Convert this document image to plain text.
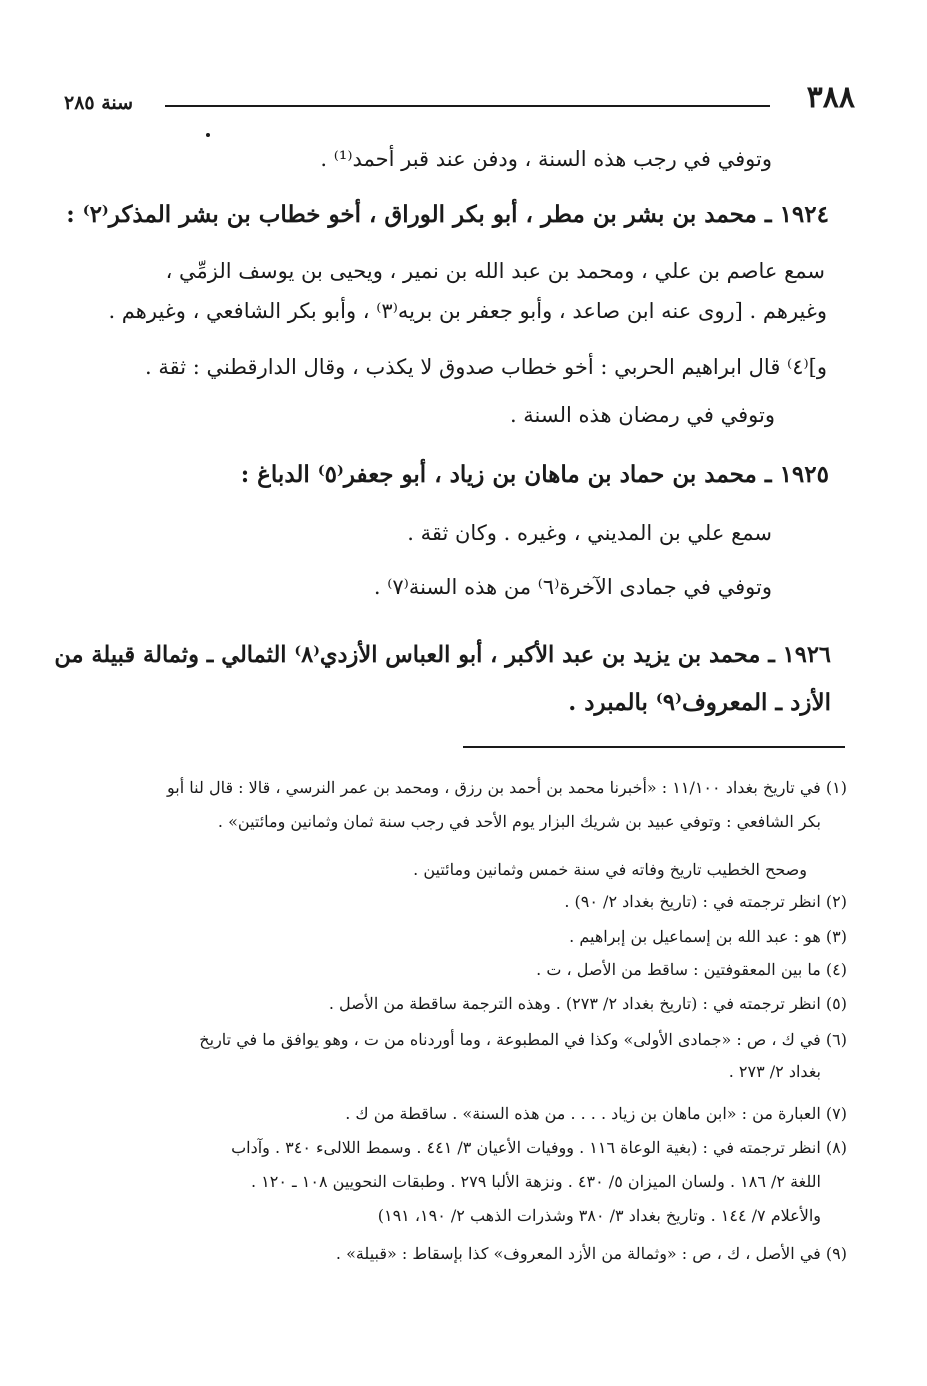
٣٨٨
سنة ٢٨٥
وتوفي في رجب هذه السنة ، ودفن عند قبر أحمد⁽¹⁾ .
١٩٢٤ ـ محمد بن بشر بن مطر ، أبو بكر الوراق ، أخو خطاب بن بشر المذكر⁽٢⁾ :
سمع عاصم بن علي ، ومحمد بن عبد الله بن نمير ، ويحيى بن يوسف الزمِّي ،
وغيرهم . [روى عنه ابن صاعد ، وأبو جعفر بن بريه⁽٣⁾ ، وأبو بكر الشافعي ، وغيرهم .
و]⁽٤⁾ قال ابراهيم الحربي : أخو خطاب صدوق لا يكذب ، وقال الدارقطني : ثقة .
وتوفي في رمضان هذه السنة .
١٩٢٥ ـ محمد بن حماد بن ماهان بن زياد ، أبو جعفر⁽٥⁾ الدباغ :
سمع علي بن المديني ، وغيره . وكان ثقة .
وتوفي في جمادى الآخرة⁽٦⁾ من هذه السنة⁽٧⁾ .
١٩٢٦ ـ محمد بن يزيد بن عبد الأكبر ، أبو العباس الأزدي⁽٨⁾ الثمالي ـ وثمالة قبيلة من
الأزد ـ المعروف⁽٩⁾ بالمبرد .
(١) في تاريخ بغداد ١١/١٠٠ : «أخبرنا محمد بن أحمد بن رزق ، ومحمد بن عمر النرسي ، قالا : قال لنا أبو
بكر الشافعي : وتوفي عبيد بن شريك البزار يوم الأحد في رجب سنة ثمان وثمانين ومائتين» .
وصحح الخطيب تاريخ وفاته في سنة خمس وثمانين ومائتين .
(٢) انظر ترجمته في : (تاريخ بغداد ٢/ ٩٠) .
(٣) هو : عبد الله بن إسماعيل بن إبراهيم .
(٤) ما بين المعقوفتين : ساقط من الأصل ، ت .
(٥) انظر ترجمته في : (تاريخ بغداد ٢/ ٢٧٣) . وهذه الترجمة ساقطة من الأصل .
(٦) في ك ، ص : «جمادى الأولى» وكذا في المطبوعة ، وما أوردناه من ت ، وهو يوافق ما في تاريخ
بغداد ٢/ ٢٧٣ .
(٧) العبارة من : «ابن ماهان بن زياد . . . . من هذه السنة» . ساقطة من ك .
(٨) انظر ترجمته في : (بغية الوعاة ١١٦ . ووفيات الأعيان ٣/ ٤٤١ . وسمط اللالىء ٣٤٠ . وآداب
اللغة ٢/ ١٨٦ . ولسان الميزان ٥/ ٤٣٠ . ونزهة الألبا ٢٧٩ . وطبقات النحويين ١٠٨ ـ ١٢٠ .
والأعلام ٧/ ١٤٤ . وتاريخ بغداد ٣/ ٣٨٠ وشذرات الذهب ٢/ ١٩٠، ١٩١)
(٩) في الأصل ، ك ، ص : «وثمالة من الأزد المعروف» كذا بإسقاط : «قبيلة» .
